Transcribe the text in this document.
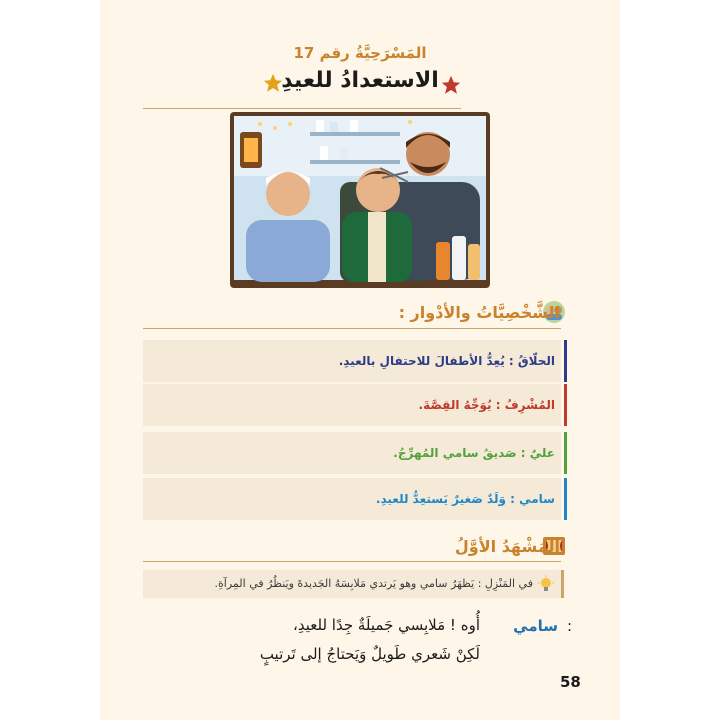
المَسْرَحِيَّةُ رقم 17
الاستعدادُ للعيدِ
الشَّخْصِيَّاتُ والأدْوار :
الحلّاقُ : يُعِدُّ الأطفالَ للاحتفالِ بالعيدِ.
المُشْرِفُ : يُوَجِّهُ القِصَّةَ.
عليٌ : صَديقُ سامي المُهرِّجُ.
سامي : وَلَدٌ صَغيرٌ يَستعِدُّ للعيدِ.
المَشْهَدُ الأوَّلُ
في المَنْزِلِ : يَظهَرُ سامي وهو يَرتدي مَلابِسَهُ الجَديدةَ ويَنظُرُ في المِرآةِ.
سامي :
أُوه ! مَلابِسي جَميلَةٌ جِدًا للعيدِ،
لَكِنْ شَعري طَويلٌ وَيَحتاجُ إلى تَرتيبٍ
58
